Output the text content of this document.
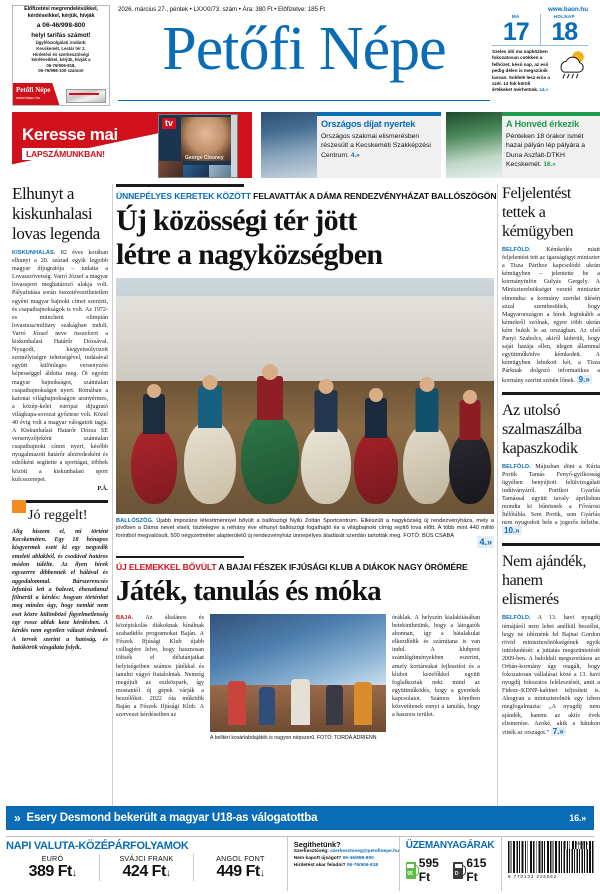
Előfizetési megrendelésükkel,
kérdéseikkel, kérjük, hívják
a 06-46/998-800
helyi tarifás számot!
Ügyfélszolgálati irodánk:
Kecskemét, Lestár tér 2.
Hirdetési és szerkesztőségi
kérdéseikkel, kérjük, hívják a
06-76/506-818,
06-76/998-100 számot!
Petőfi Népe
www.baon.hu
2026. március 27., péntek • LXXXI/73. szám • Ára: 380 Ft • Előfizetve: 185 Ft	www.baon.hu
Petőfi Népe	MA
17
HOLNAP
18
Szeles idő ma napközben fokozatosan csökken a felhőzet, késő nap, az eső pedig délen is megszűnik lassan. Sokfelé lesz erős a szél. 14 fok körüli értékeket mérhetünk. 14.»
Keresse mai
LAPSZÁMUNKBAN!
tv
George Clooney
Országos díjat nyertek
Országos szakmai elismerésben részesült a Kecskeméti Szakképzési Centrum. 4.»
A Honvéd érkezik
Pénteken 18 órakor ismét hazai pályán lép pályára a Duna Aszfalt-DTKH Kecskemét. 16.»
Elhunyt a kiskunhalasi lovas legenda
KISKUNHALAS. 82 éves korában elhunyt a 20. század egyik legjobb magyar díjugratója – tudatta a Lovasszövetség. Varró József a magyar lovassport meghatározó alakja volt. Pályafutása során összetéveszthetetlen egyéni magyar bajnoki címet szerzett, és csapatbajnokságok is volt. Az 1972-es müncheni olimpián lovastusa/military szakágban indult. Varró József neve összeforrt a kiskunhalasi Határőr Dózsával. Nyugodt, kiegyensúlyozott személyiségre tehetségével, tudásával együtt különleges versenyzési képességgel áldotta meg. Öt egyéni magyar bajnokságot, számtalan csapatbajnokságot nyert. Rómában a katonai világbajnokságon aranyérmes, a közép-kelet európai díjugrató világkupa-sorozat győztese volt. Közel 40 évig volt a magyar válogatott tagja. A Kiskunhalasi Határőr Dózsa SE versenyzőjeként számtalan csapatbajnoki címet nyert, később nyugalmazott határőr alezredesként és edzőként segítette a sportágat, többek között a kiskunhalasi sport kulcsszerepet.
P.Á.
Jó reggelt!
Alig hiszem el, mi történt Kecskeméten. Egy 18 hónapos kisgyermek esett ki egy negyedik emeleti ablakból, és csodával határos módon túlélte. Az ilyen hírek egyszerre dibbennek el hálával és aggodalommal. Bárszerencsés lefutású lett a baleset, éhezatlanul fölnerül a kérdés: hogyan történhet meg mindez úgy, hogy nemlát nem eset közre különböző figyelmetlenség egy rossz ablak keze kérdésben. A kérdés nem egyetlen választ érdemel. A tervek szerint a hatóság, és hatókörök vizsgálata folyik.
ÜNNEPÉLYES KERETEK KÖZÖTT FELAVATTÁK A DÁMA RENDEZVÉNYHÁZAT BALLÓSZÖGÖN
Új közösségi tér jött
létre a nagyközségben
BALLÓSZÖG. Újabb impozáns létesítménnyel bővült a ballószögi Nyilú Zoltán Sportcentrum. Elkészült a nagyközség új rendezvényháza, mely a jövőben a Dáma nevet viseli, tisztelegve a néhány éve elhunyt ballószögi fogathajtó és a világbajnoki címig repítő lova előtt. A több mint 440 millió forintból megvalósult, 500 négyzetméter alapterületű új rendezvényház ünnepélyes átadását szerdán tartották meg. FOTÓ: BÚS CSABA
4.»
ÚJ ELEMEKKEL BŐVÜLT A BAJAI FÉSZEK IFJÚSÁGI KLUB A DIÁKOK NAGY ÖRÖMÉRE
Játék, tanulás és móka
BAJA. Az általános és középiskolás diákoknak kínálnak szabadidős programokat Baján. A Fészek Ifjúsági Klub újabb csillagjére lelve, hogy hasznosan töltsék el délutánjaikat helyiségeiben számos játékkal és tanulni vágyó fiataloknak. Nemrég megújult az eszközpark, így mostantól új gépek várják a beszélőket. 2022 óta működik Baján a Fészek Ifjúsági Klub. A szervezet kérdéseiben az
A belltéri kosárlabdajáték is nagyon népszerű. FOTÓ: TORDA ADRIENN
óráklak. A helyszín kialakításában betekinthetünk, hogy a látogatók ahonnan, így a hátalakulat elkezdődik és számítana is van indul. A klubprot számlégítményekben eszerint, amely kortársukat fejlesztést és a klubot kezelőkkel együtt foglalkoztak neki mind az együttműködés, hogy a gyerekek kapcsolatot. Számos köreiben közvetítenek ennyi a tanulás, hogy a hasznos terület.
Feljelentést tettek a kémügyben
BELFÖLD.	Kémkedés miatt feljelentést tett az igazságügyi miniszter a Tisza Párthoz kapcsolódó ukrán kémügyben – jelentette be a kormányinfón Gulyás Gergely. A Miniszterelnökséget vezető miniszter elmondta: a kormány szerdai ülésén azzal szembesültek, hogy Magyarországon a hírek leginkább a kémekről szólnak, egyre több ukrán kém bukik le az országban. Az első Panyi Szabolcs, akiről kiderült, hogy saját hazája ellen, idegen állammal együttműködve kémkedett. A kémügyben lebukott két, a Tisza Párknak dolgozó informatikus a kormány szerint színén lőnek. 9.»
Az utolsó szalmaszálba kapaszkodik
BELFÖLD. Májusban dönt a Kúria Portik Tamás Fenyő-gyilkosság ügyében benyújtott felülvizsgálati indítványáról. Portikot Gyárfás Tamással együtt tavaly áprilisban mondta ki bűnösnek a Fővárosi Ítélőtábla. Sem Portik, sem Gyárfás nem nyugodott bele a jogerős ítéletbe. 10.»
Nem ajándék, hanem elismerés
BELFÖLD. A 13. havi nyugdíj témájáról nem lehet anélkül beszélni, hogy ne idéznénk fel Bajnai Gordon rövid miniszterelnökségének egyik intézkedését: a juttatás megszüntetését 2009-ben. A baloldali megszorításra az Orbán-kormány úgy reagált, hogy fokozatosan vállalásai közé a 13. havi nyugdíj fokozatos felélesztését, amit a Fidesz–KDNP-kabinet teljesített is. Ahogyan a miniszterelnök egy ízben megfogalmazta: „A nyugdíj nem ajándék, hanem az aktív évek elismerése. Azoké, akik a hátukon vitték az országot.” 7.»
» Esery Desmond bekerült a magyar U18-as válogatottba	16.»
NAPI VALUTA-KÖZÉPÁRFOLYAMOK
EURÓ
389 Ft↓
SVÁJCI FRANK
424 Ft↓
ANGOL FONT
449 Ft↓
Segíthetünk?
Szerkesztőség: szerkesztoseg@petofinepe.hu
Nem kapott újságot? 06-46/998-800
Hirdetést akar feladni? 06-76/506-818
ÜZEMANYAGÁRAK
95
595 Ft	D
615 Ft
26073
9 770133 226062
